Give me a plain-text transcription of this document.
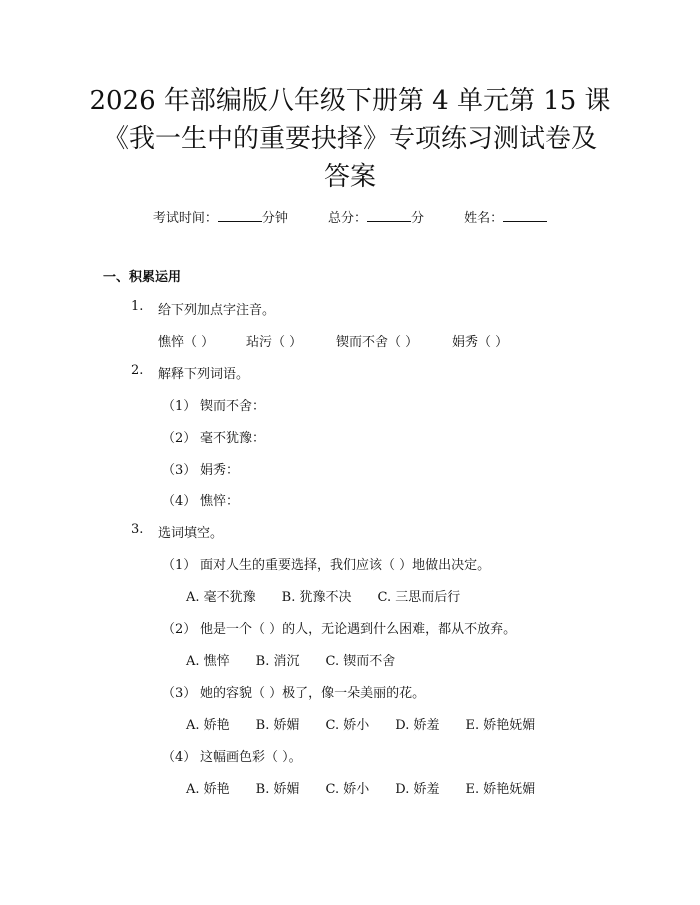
2026 年部编版八年级下册第 4 单元第 15 课
《我一生中的重要抉择》专项练习测试卷及
答案
考试时间：	分钟	总分：	分	姓名：
一、积累运用
1. 给下列加点字注音。
憔悴（ ） 玷污（ ）	锲而不舍（ ）	娟秀（ ）
2. 解释下列词语。
（1） 锲而不舍：
（2） 毫不犹豫：
（3） 娟秀：
（4） 憔悴：
3. 选词填空。
（1） 面对人生的重要选择，我们应该（ ）地做出决定。
A. 毫不犹豫 B. 犹豫不决 C. 三思而后行
（2） 他是一个（ ）的人，无论遇到什么困难，都从不放弃。
A. 憔悴 B. 消沉 C. 锲而不舍
（3） 她的容貌（ ）极了，像一朵美丽的花。
A. 娇艳 B. 娇媚 C. 娇小 D. 娇羞 E. 娇艳妩媚
（4） 这幅画色彩（ ）。
A. 娇艳 B. 娇媚 C. 娇小 D. 娇羞 E. 娇艳妩媚
